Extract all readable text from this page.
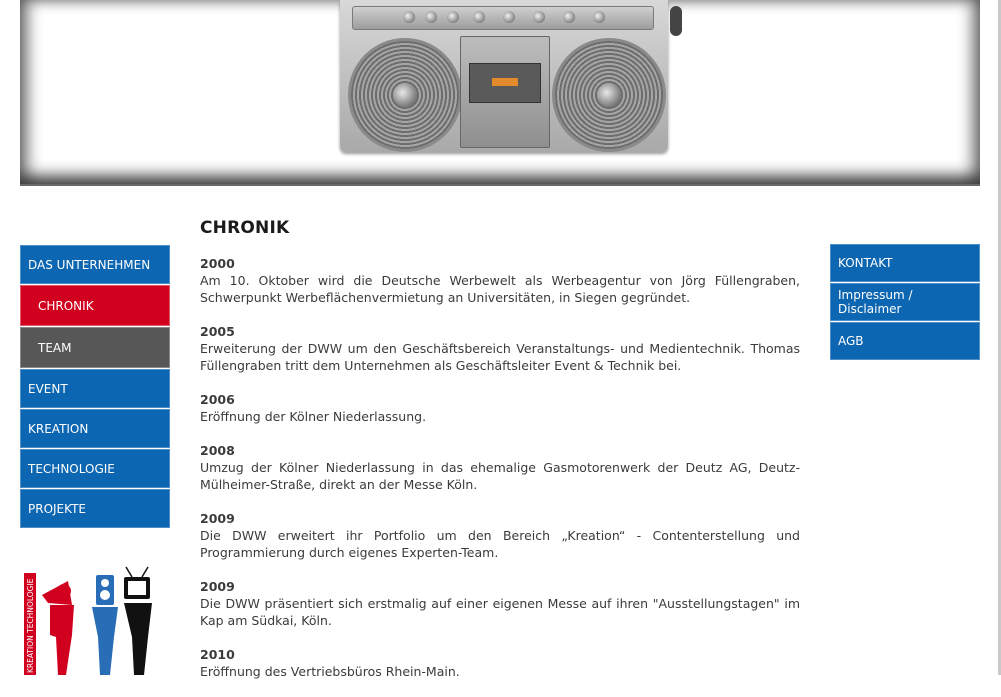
DAS UNTERNEHMEN
CHRONIK
TEAM
EVENT
KREATION
TECHNOLOGIE
PROJEKTE
KREATION TECHNOLOGIE
CHRONIK
2000
Am 10. Oktober wird die Deutsche Werbewelt als Werbeagentur von Jörg Füllengraben, Schwerpunkt Werbeflächenvermietung an Universitäten, in Siegen gegründet.
2005
Erweiterung der DWW um den Geschäftsbereich Veranstaltungs- und Medientechnik. Thomas Füllengraben tritt dem Unternehmen als Geschäftsleiter Event & Technik bei.
2006
Eröffnung der Kölner Niederlassung.
2008
Umzug der Kölner Niederlassung in das ehemalige Gasmotorenwerk der Deutz AG, Deutz-Mülheimer-Straße, direkt an der Messe Köln.
2009
Die DWW erweitert ihr Portfolio um den Bereich „Kreation“ - Contenterstellung und Programmierung durch eigenes Experten-Team.
2009
Die DWW präsentiert sich erstmalig auf einer eigenen Messe auf ihren "Ausstellungstagen" im Kap am Südkai, Köln.
2010
Eröffnung des Vertriebsbüros Rhein-Main.
KONTAKT
Impressum / Disclaimer
AGB
